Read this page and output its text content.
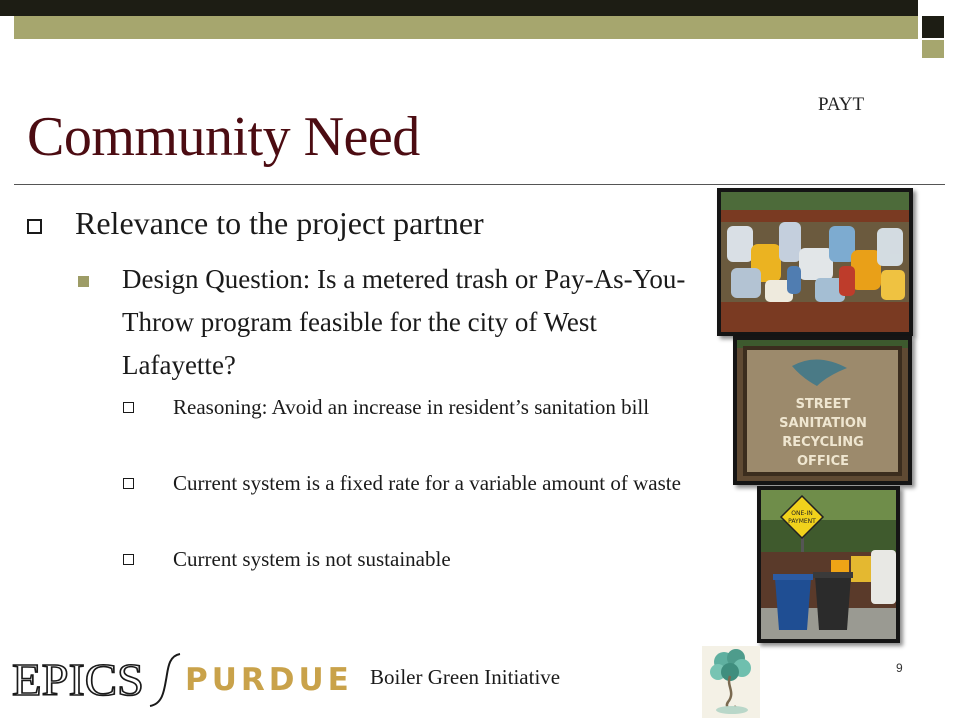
PAYT
Community Need
Relevance to the project partner
Design Question: Is a metered trash or Pay-As-You-Throw program feasible for the city of West Lafayette?
Reasoning: Avoid an increase in resident’s sanitation bill
Current system is a fixed rate for a variable amount of waste
Current system is not sustainable
STREET
SANITATION
RECYCLING
OFFICE
ONE-IN
PAYMENT
EPICS PURDUE Boiler Green Initiative	9
